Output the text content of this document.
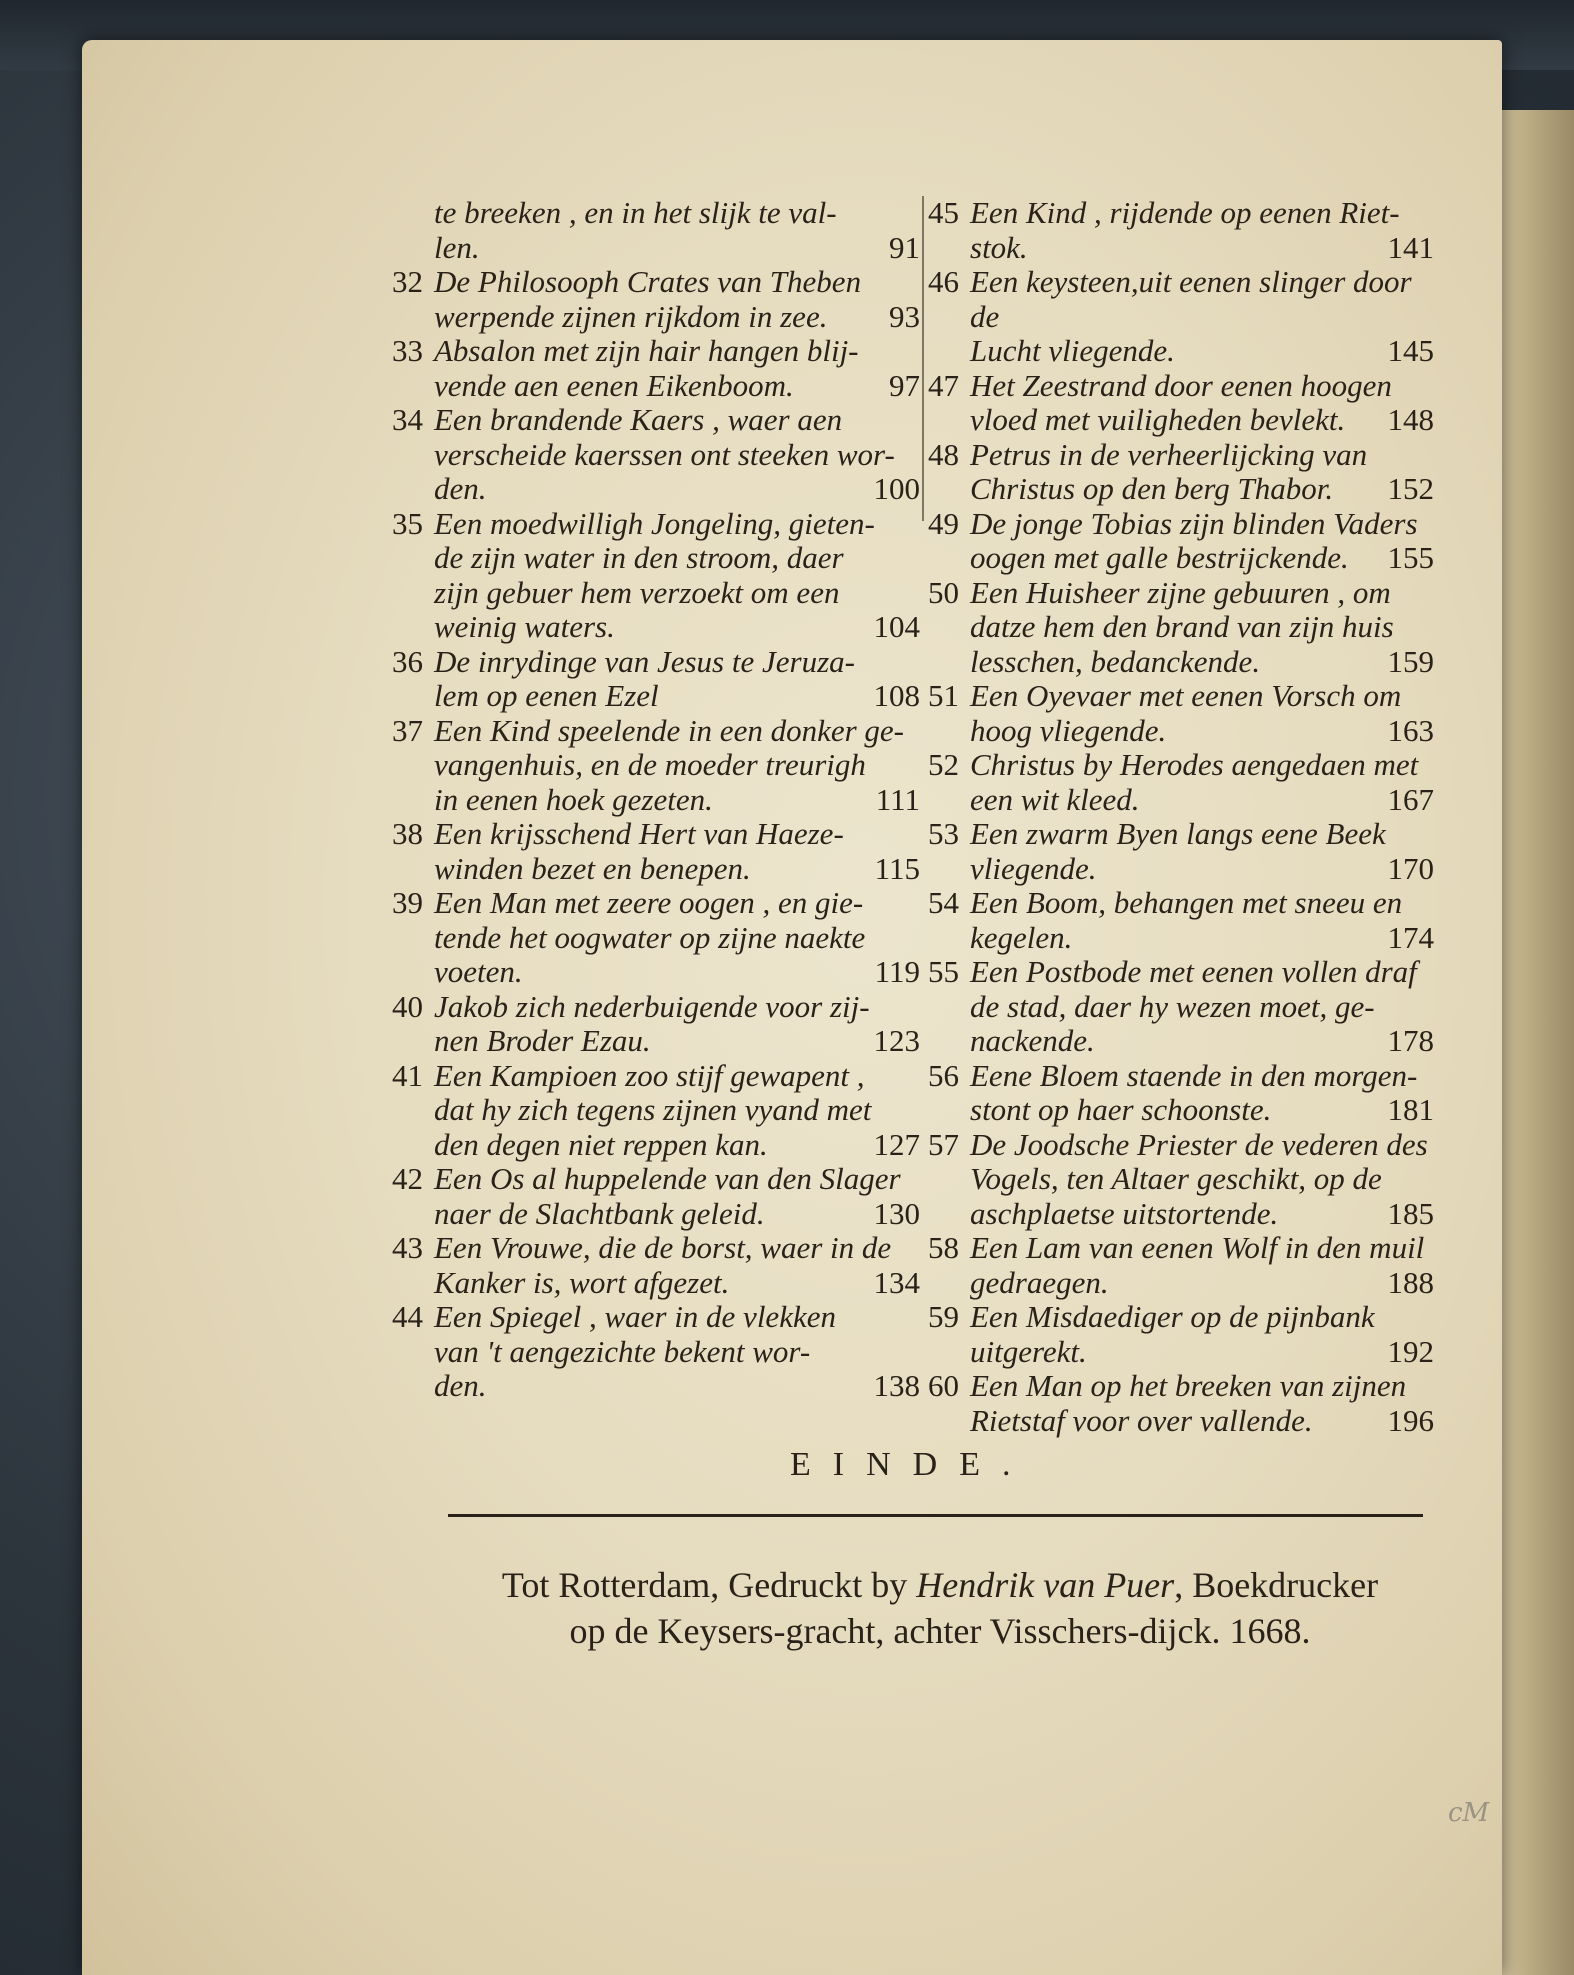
te breeken , en in het slijk te val-
len.	91
32 De Philosooph Crates van Theben
werpende zijnen rijkdom in zee.	93
33 Absalon met zijn hair hangen blij-
vende aen eenen Eikenboom.	97
34 Een brandende Kaers , waer aen
verscheide kaerssen ont steeken wor-
den.	100
35 Een moedwilligh Jongeling, gieten-
de zijn water in den stroom, daer
zijn gebuer hem verzoekt om een
weinig waters.	104
36 De inrydinge van Jesus te Jeruza-
lem op eenen Ezel	108
37 Een Kind speelende in een donker ge-
vangenhuis, en de moeder treurigh
in eenen hoek gezeten.	111
38 Een krijsschend Hert van Haeze-
winden bezet en benepen.	115
39 Een Man met zeere oogen , en gie-
tende het oogwater op zijne naekte
voeten.	119
40 Jakob zich nederbuigende voor zij-
nen Broder Ezau.	123
41 Een Kampioen zoo stijf gewapent ,
dat hy zich tegens zijnen vyand met
den degen niet reppen kan.	127
42 Een Os al huppelende van den Slager
naer de Slachtbank geleid.	130
43 Een Vrouwe, die de borst, waer in de
Kanker is, wort afgezet.	134
44 Een Spiegel , waer in de vlekken
van 't aengezichte bekent wor-
den.	138
45 Een Kind , rijdende op eenen Riet-
stok.	141
46 Een keysteen,uit eenen slinger door de
Lucht vliegende.	145
47 Het Zeestrand door eenen hoogen
vloed met vuiligheden bevlekt.	148
48 Petrus in de verheerlijcking van
Christus op den berg Thabor.	152
49 De jonge Tobias zijn blinden Vaders
oogen met galle bestrijckende.	155
50 Een Huisheer zijne gebuuren , om
datze hem den brand van zijn huis
lesschen, bedanckende.	159
51 Een Oyevaer met eenen Vorsch om
hoog vliegende.	163
52 Christus by Herodes aengedaen met
een wit kleed.	167
53 Een zwarm Byen langs eene Beek
vliegende.	170
54 Een Boom, behangen met sneeu en
kegelen.	174
55 Een Postbode met eenen vollen draf
de stad, daer hy wezen moet, ge-
nackende.	178
56 Eene Bloem staende in den morgen-
stont op haer schoonste.	181
57 De Joodsche Priester de vederen des
Vogels, ten Altaer geschikt, op de
aschplaetse uitstortende.	185
58 Een Lam van eenen Wolf in den muil
gedraegen.	188
59 Een Misdaediger op de pijnbank
uitgerekt.	192
60 Een Man op het breeken van zijnen
Rietstaf voor over vallende.	196
EINDE.
Tot Rotterdam, Gedruckt by Hendrik van Puer, Boekdrucker
op de Keysers-gracht, achter Visschers-dijck. 1668.
cM
